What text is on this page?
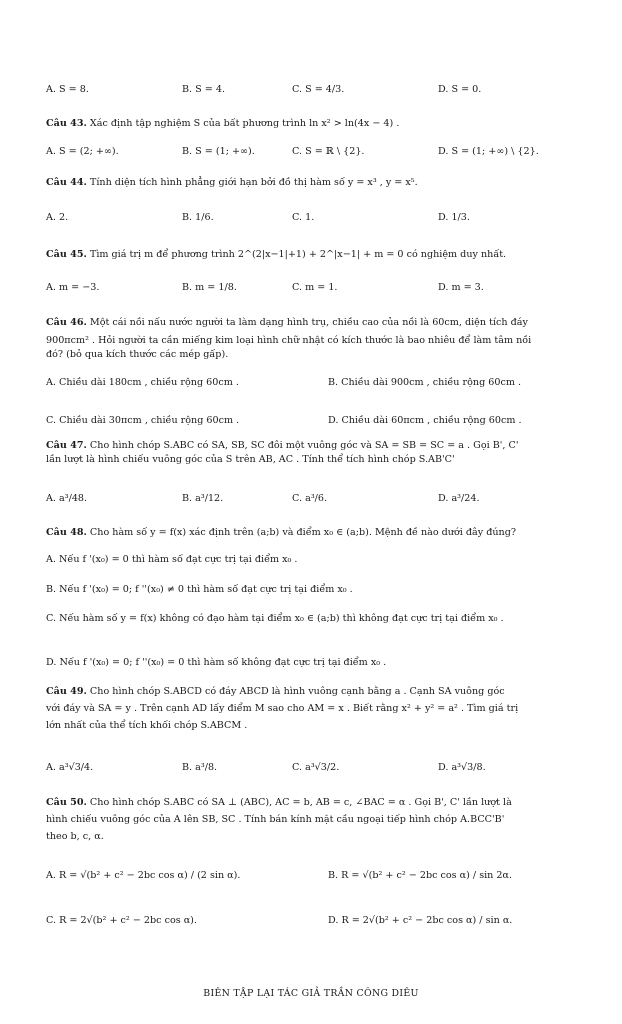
A. S = 8.	B. S = 4.	C. S = 4/3.	D. S = 0.
Câu 43. Xác định tập nghiệm S của bất phương trình ln x² > ln(4x − 4) .
A. S = (2; +∞).	B. S = (1; +∞).	C. S = ℝ \ {2}.	D. S = (1; +∞) \ {2}.
Câu 44. Tính diện tích hình phẳng giới hạn bởi đồ thị hàm số y = x³ , y = x⁵.
A. 2.	B. 1/6.	C. 1.	D. 1/3.
Câu 45. Tìm giá trị m để phương trình 2^(2|x−1|+1) + 2^|x−1| + m = 0 có nghiệm duy nhất.
A. m = −3.	B. m = 1/8.	C. m = 1.	D. m = 3.
Câu 46. Một cái nồi nấu nước người ta làm dạng hình trụ, chiều cao của nồi là 60cm, diện tích đáy
900πcm² . Hỏi người ta cần miếng kim loại hình chữ nhật có kích thước là bao nhiêu để làm tâm nồi
đó? (bỏ qua kích thước các mép gấp).
A. Chiều dài 180cm , chiều rộng 60cm .	B. Chiều dài 900cm , chiều rộng 60cm .
C. Chiều dài 30πcm , chiều rộng 60cm .	D. Chiều dài 60πcm , chiều rộng 60cm .
Câu 47. Cho hình chóp S.ABC có SA, SB, SC đôi một vuông góc và SA = SB = SC = a . Gọi B', C'
lần lượt là hình chiếu vuông góc của S trên AB, AC . Tính thể tích hình chóp S.AB'C'
A. a³/48.	B. a³/12.	C. a³/6.	D. a³/24.
Câu 48. Cho hàm số y = f(x) xác định trên (a;b) và điểm x₀ ∈ (a;b). Mệnh đề nào dưới đây đúng?
A. Nếu f '(x₀) = 0 thì hàm số đạt cực trị tại điểm x₀ .
B. Nếu f '(x₀) = 0; f ''(x₀) ≠ 0 thì hàm số đạt cực trị tại điểm x₀ .
C. Nếu hàm số y = f(x) không có đạo hàm tại điểm x₀ ∈ (a;b) thì không đạt cực trị tại điểm x₀ .
D. Nếu f '(x₀) = 0; f ''(x₀) = 0 thì hàm số không đạt cực trị tại điểm x₀ .
Câu 49. Cho hình chóp S.ABCD có đáy ABCD là hình vuông cạnh bằng a . Cạnh SA vuông góc
với đáy và SA = y . Trên cạnh AD lấy điểm M sao cho AM = x . Biết rằng x² + y² = a² . Tìm giá trị
lớn nhất của thể tích khối chóp S.ABCM .
A. a³√3/4.	B. a³/8.	C. a³√3/2.	D. a³√3/8.
Câu 50. Cho hình chóp S.ABC có SA ⊥ (ABC), AC = b, AB = c, ∠BAC = α . Gọi B', C' lần lượt là
hình chiếu vuông góc của A lên SB, SC . Tính bán kính mặt cầu ngoại tiếp hình chóp A.BCC'B'
theo b, c, α.
A. R = √(b² + c² − 2bc cos α) / (2 sin α).	B. R = √(b² + c² − 2bc cos α) / sin 2α.
C. R = 2√(b² + c² − 2bc cos α).	D. R = 2√(b² + c² − 2bc cos α) / sin α.
BIÊN TẬP LẠI TÁC GIẢ TRẦN CÔNG DIÊU
